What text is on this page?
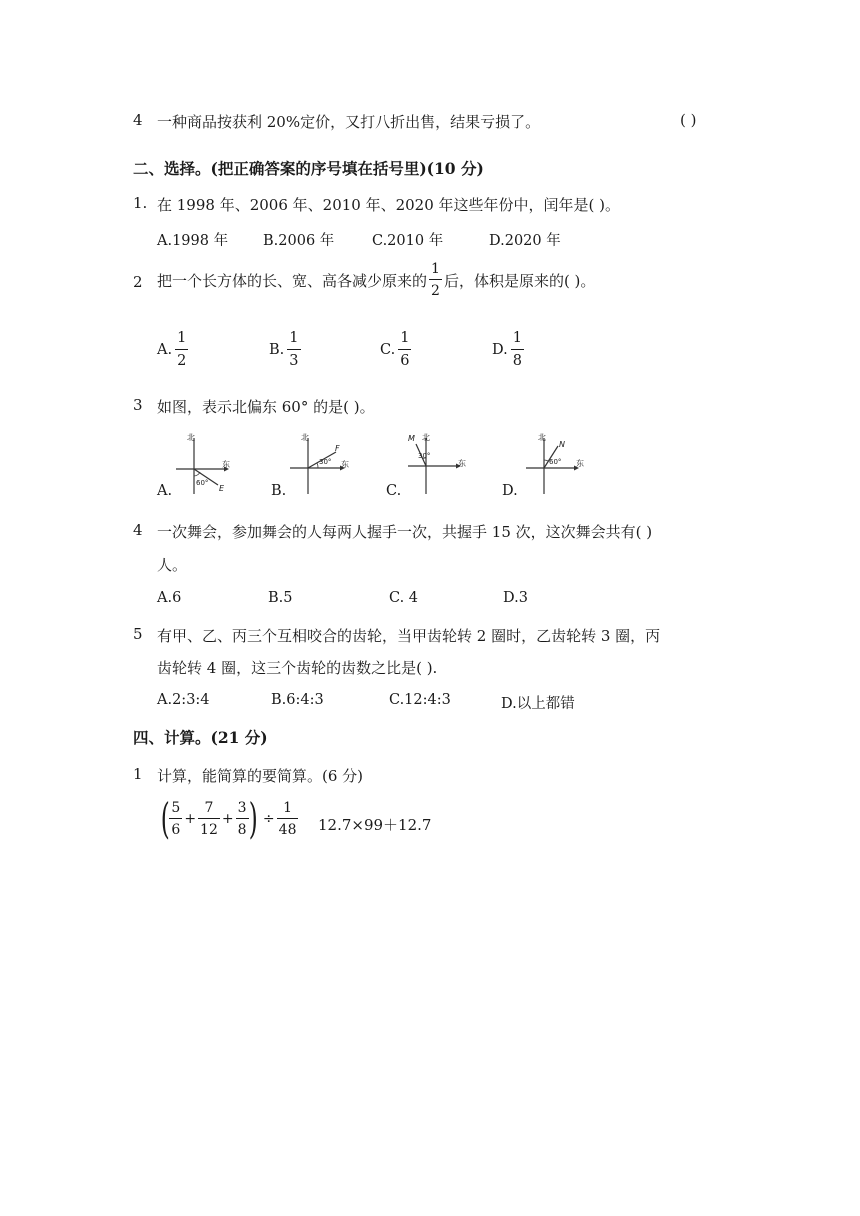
4 一种商品按获利 20%定价，又打八折出售，结果亏损了。	( )
二、选择。(把正确答案的序号填在括号里)(10 分)
1. 在 1998 年、2006 年、2010 年、2020 年这些年份中，闰年是( )。
A.1998 年 B.2006 年	C.2010 年	D.2020 年
2 把一个长方体的长、宽、高各减少原来的 $\frac{1}{2}$ 后，体积是原来的( )。
A. $\frac{1}{2}$	B. $\frac{1}{3}$	C. $\frac{1}{6}$	D. $\frac{1}{8}$
3 如图，表示北偏东 60° 的是( )。
A.	B.	C.	D.
北
东
60°
E
北
东
30°
F
北
东
30°
M	北
东
60°
N
4 一次舞会，参加舞会的人每两人握手一次，共握手 15 次，这次舞会共有( )
人。
A.6	B.5	C. 4	D.3
5 有甲、乙、丙三个互相咬合的齿轮，当甲齿轮转 2 圈时，乙齿轮转 3 圈，丙
齿轮转 4 圈，这三个齿轮的齿数之比是( ).
A.2:3:4	B.6:4:3	C.12:4:3	D.以上都错
四、计算。(21 分)
1 计算，能简算的要简算。(6 分)
( $\frac{5}{6} + \frac{7}{12} + \frac{3}{8}$ ) ÷ $\frac{1}{48} 12.7\times 99+12.7$
